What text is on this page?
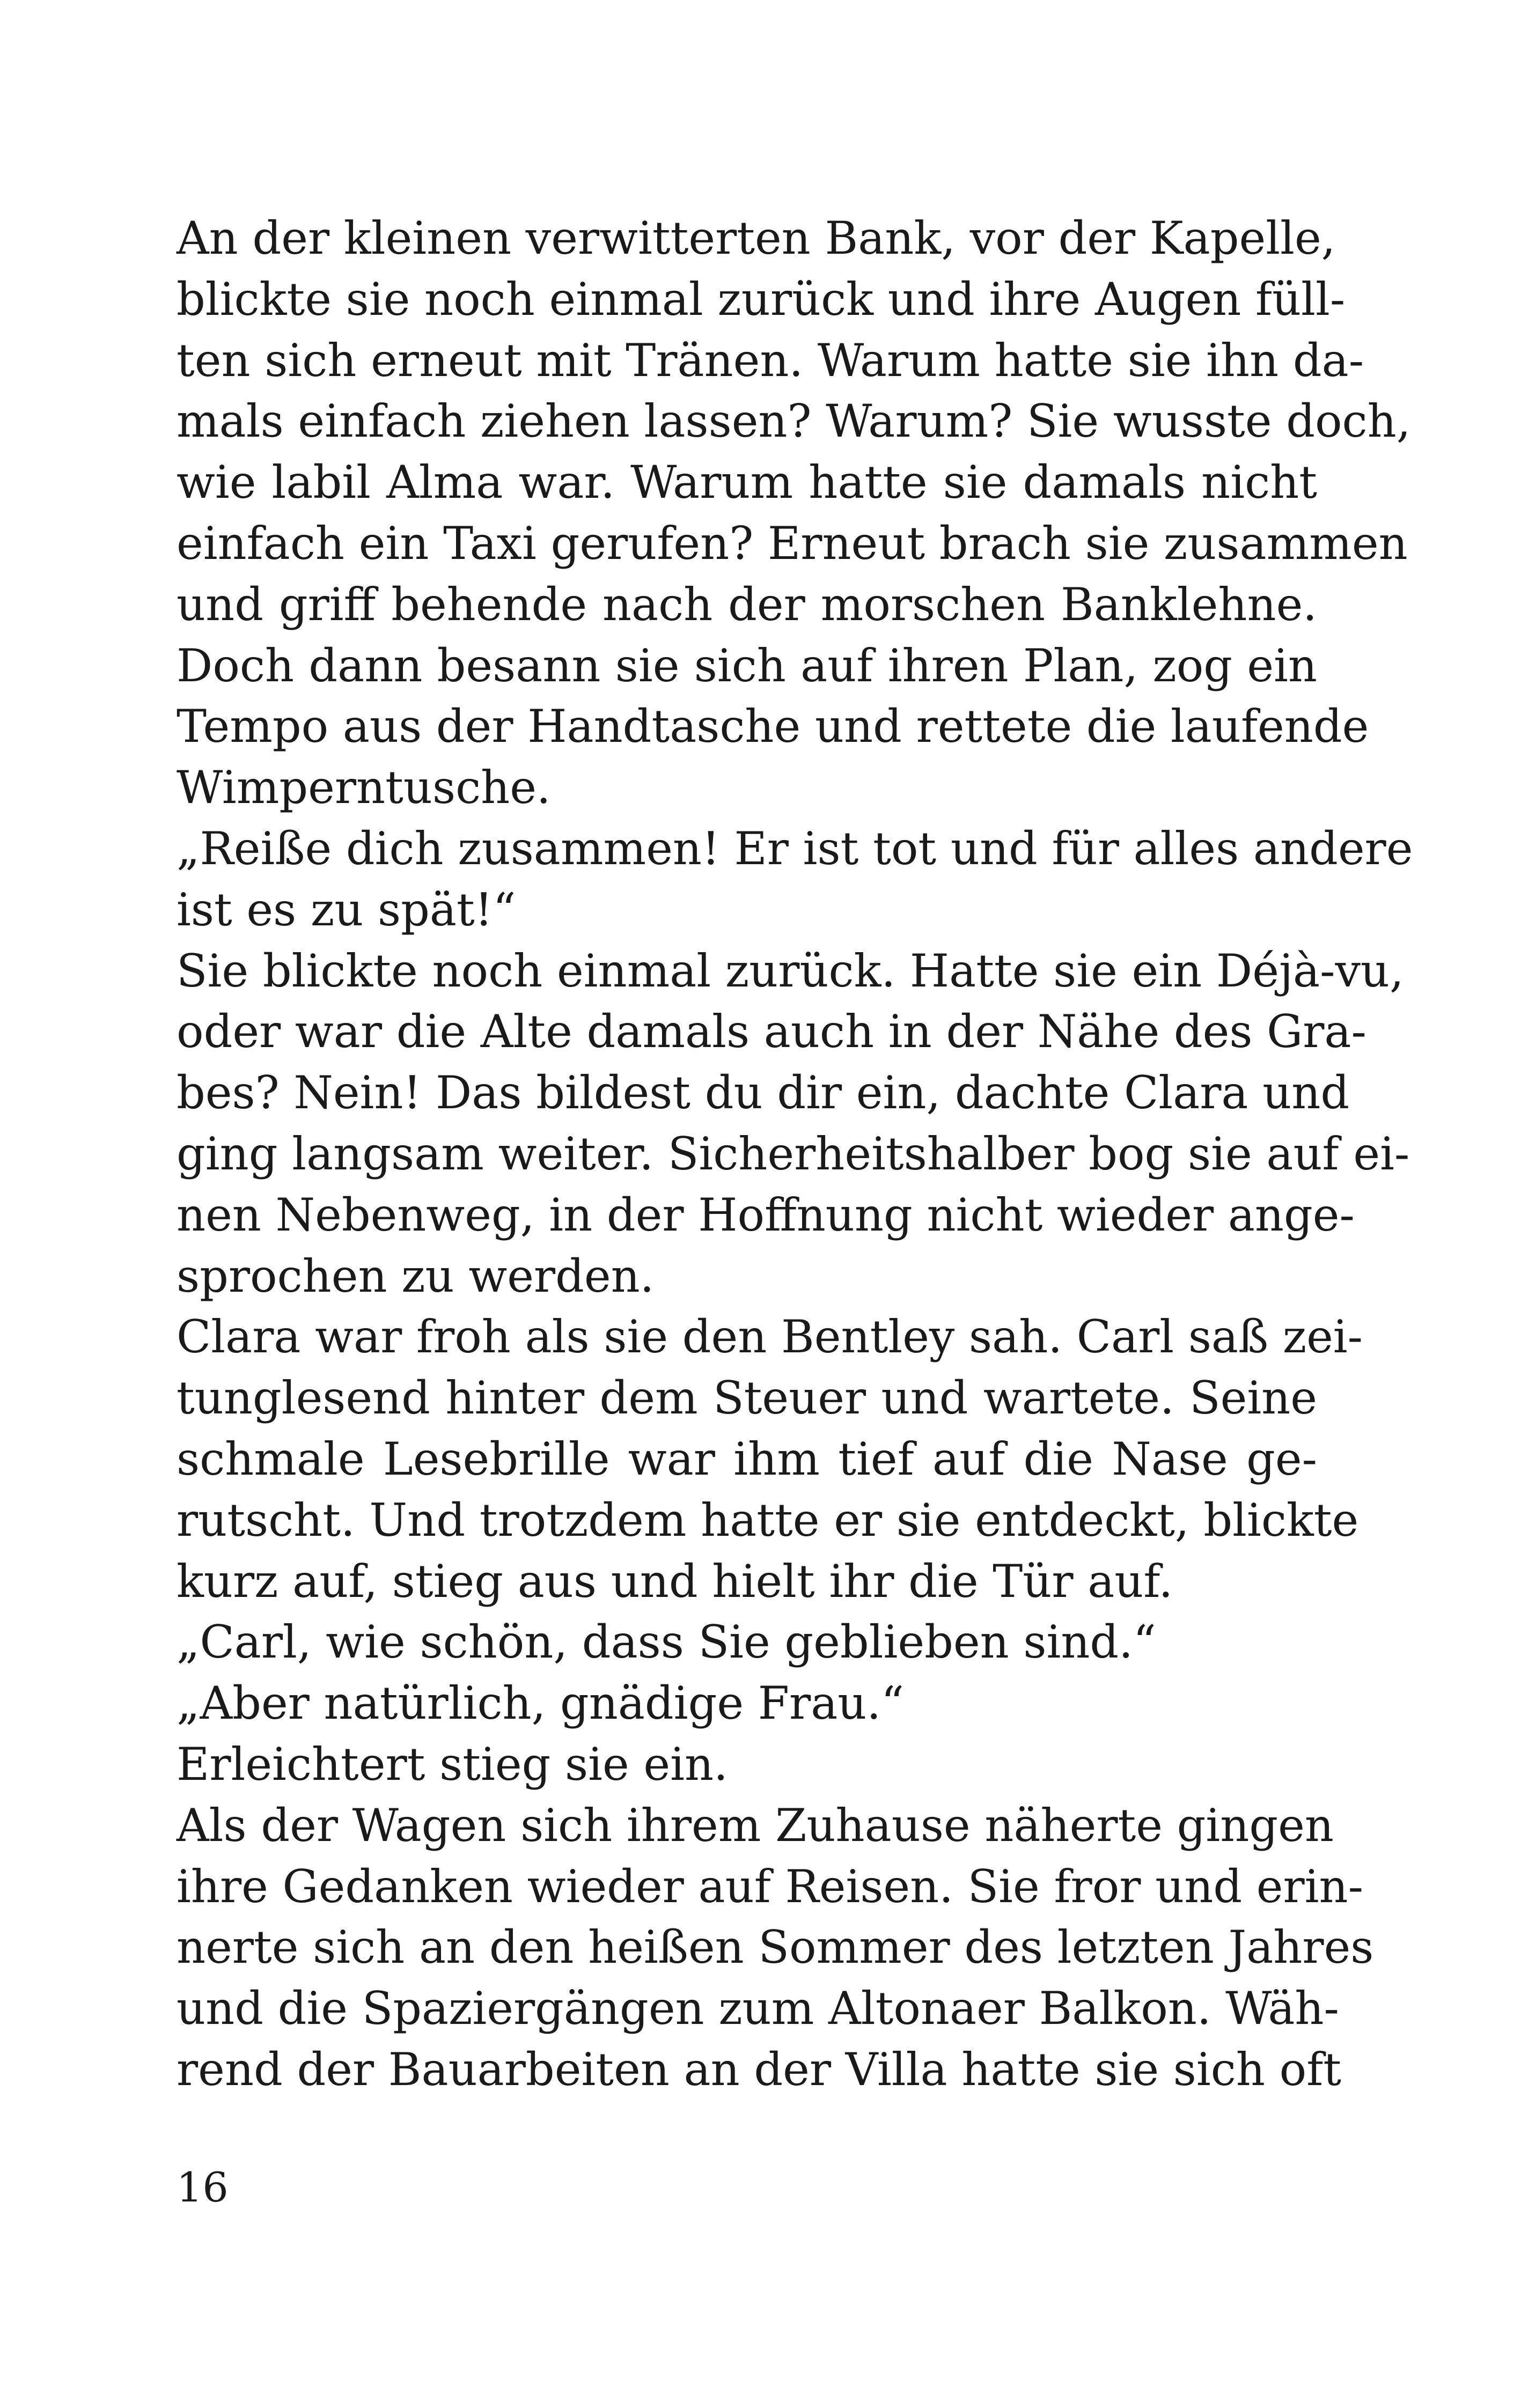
An der kleinen verwitterten Bank, vor der Kapelle,
blickte sie noch einmal zurück und ihre Augen füll-
ten sich erneut mit Tränen. Warum hatte sie ihn da-
mals einfach ziehen lassen? Warum? Sie wusste doch,
wie labil Alma war. Warum hatte sie damals nicht
einfach ein Taxi gerufen? Erneut brach sie zusammen
und griff behende nach der morschen Banklehne.
Doch dann besann sie sich auf ihren Plan, zog ein
Tempo aus der Handtasche und rettete die laufende
Wimperntusche.
„Reiße dich zusammen! Er ist tot und für alles andere
ist es zu spät!“
Sie blickte noch einmal zurück. Hatte sie ein Déjà-vu,
oder war die Alte damals auch in der Nähe des Gra-
bes? Nein! Das bildest du dir ein, dachte Clara und
ging langsam weiter. Sicherheitshalber bog sie auf ei-
nen Nebenweg, in der Hoffnung nicht wieder ange-
sprochen zu werden.
Clara war froh als sie den Bentley sah. Carl saß zei-
tunglesend hinter dem Steuer und wartete. Seine
schmale Lesebrille war ihm tief auf die Nase ge-
rutscht. Und trotzdem hatte er sie entdeckt, blickte
kurz auf, stieg aus und hielt ihr die Tür auf.
„Carl, wie schön, dass Sie geblieben sind.“
„Aber natürlich, gnädige Frau.“
Erleichtert stieg sie ein.
Als der Wagen sich ihrem Zuhause näherte gingen
ihre Gedanken wieder auf Reisen. Sie fror und erin-
nerte sich an den heißen Sommer des letzten Jahres
und die Spaziergängen zum Altonaer Balkon. Wäh-
rend der Bauarbeiten an der Villa hatte sie sich oft
16
